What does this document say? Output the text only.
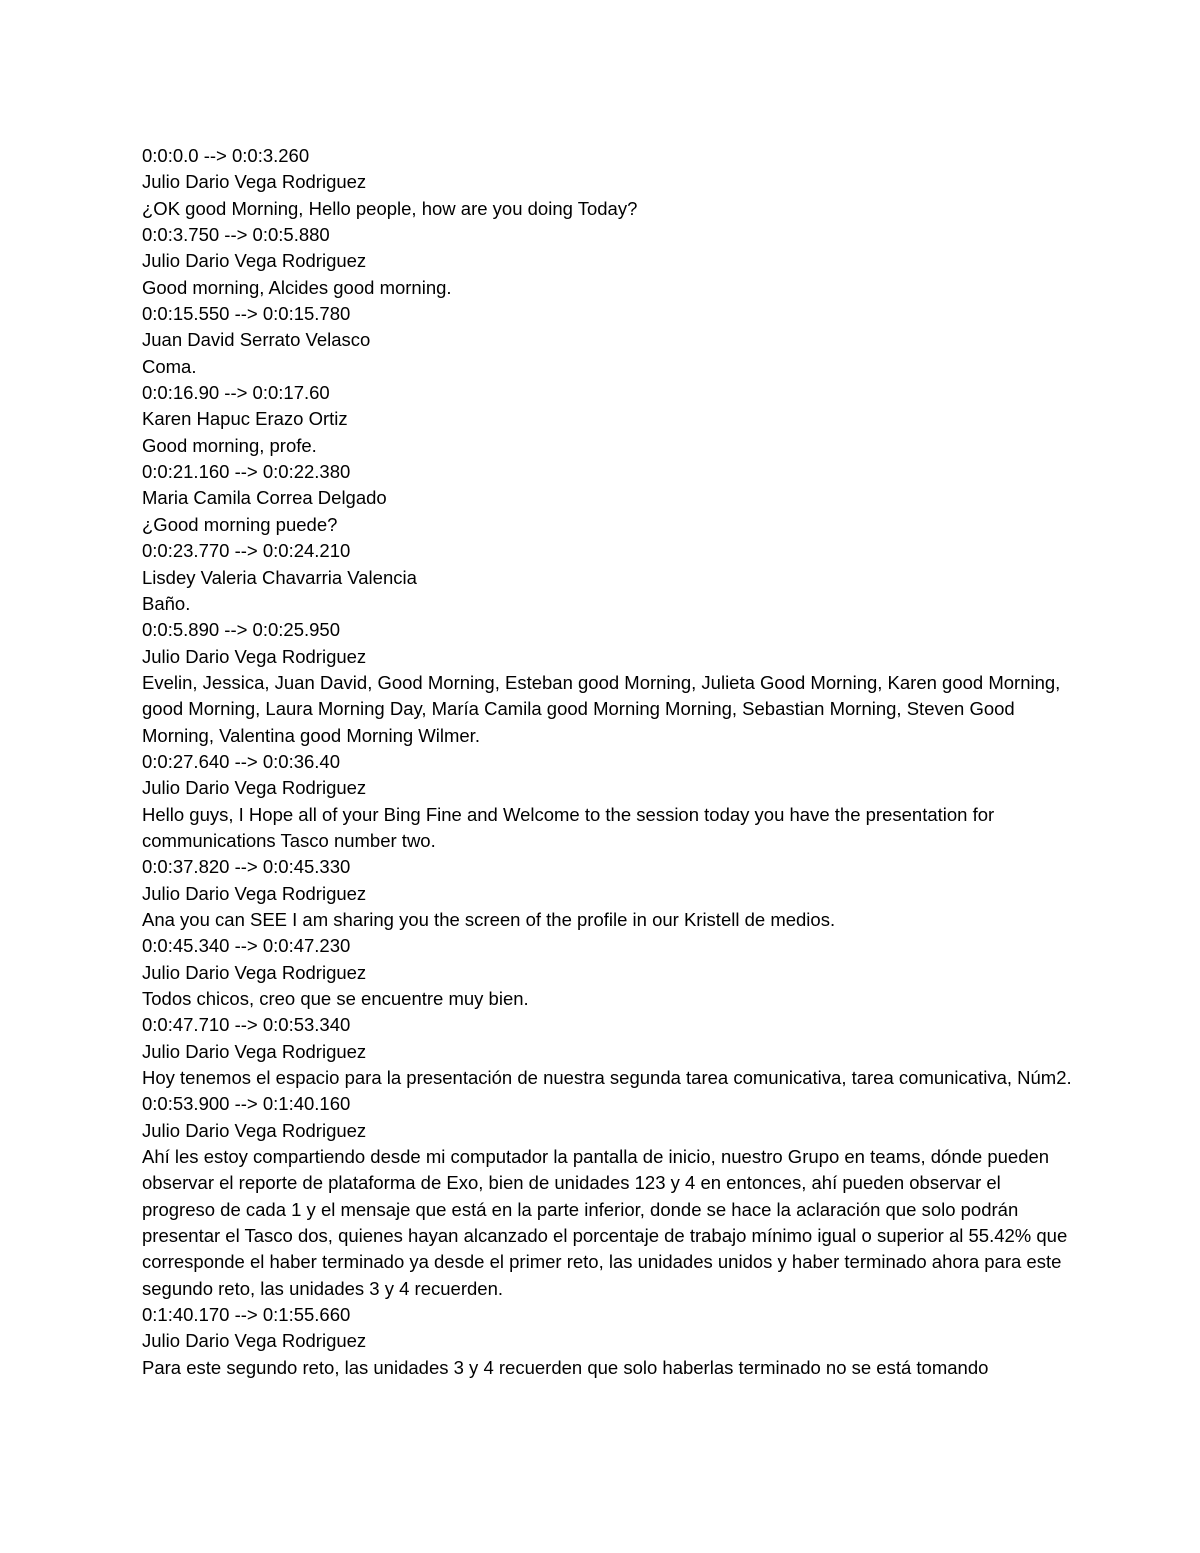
0:0:0.0 --> 0:0:3.260
Julio Dario Vega Rodriguez
¿OK good Morning, Hello people, how are you doing Today?
0:0:3.750 --> 0:0:5.880
Julio Dario Vega Rodriguez
Good morning, Alcides good morning.
0:0:15.550 --> 0:0:15.780
Juan David Serrato Velasco
Coma.
0:0:16.90 --> 0:0:17.60
Karen Hapuc Erazo Ortiz
Good morning, profe.
0:0:21.160 --> 0:0:22.380
Maria Camila Correa Delgado
¿Good morning puede?
0:0:23.770 --> 0:0:24.210
Lisdey Valeria Chavarria Valencia
Baño.
0:0:5.890 --> 0:0:25.950
Julio Dario Vega Rodriguez
Evelin, Jessica, Juan David, Good Morning, Esteban good Morning, Julieta Good Morning, Karen good Morning, good Morning, Laura Morning Day, María Camila good Morning Morning, Sebastian Morning, Steven Good Morning, Valentina good Morning Wilmer.
0:0:27.640 --> 0:0:36.40
Julio Dario Vega Rodriguez
Hello guys, I Hope all of your Bing Fine and Welcome to the session today you have the presentation for communications Tasco number two.
0:0:37.820 --> 0:0:45.330
Julio Dario Vega Rodriguez
Ana you can SEE I am sharing you the screen of the profile in our Kristell de medios.
0:0:45.340 --> 0:0:47.230
Julio Dario Vega Rodriguez
Todos chicos, creo que se encuentre muy bien.
0:0:47.710 --> 0:0:53.340
Julio Dario Vega Rodriguez
Hoy tenemos el espacio para la presentación de nuestra segunda tarea comunicativa, tarea comunicativa, Núm2.
0:0:53.900 --> 0:1:40.160
Julio Dario Vega Rodriguez
Ahí les estoy compartiendo desde mi computador la pantalla de inicio, nuestro Grupo en teams, dónde pueden observar el reporte de plataforma de Exo, bien de unidades 123 y 4 en entonces, ahí pueden observar el progreso de cada 1 y el mensaje que está en la parte inferior, donde se hace la aclaración que solo podrán presentar el Tasco dos, quienes hayan alcanzado el porcentaje de trabajo mínimo igual o superior al 55.42% que corresponde el haber terminado ya desde el primer reto, las unidades unidos y haber terminado ahora para este segundo reto, las unidades 3 y 4 recuerden.
0:1:40.170 --> 0:1:55.660
Julio Dario Vega Rodriguez
Para este segundo reto, las unidades 3 y 4 recuerden que solo haberlas terminado no se está tomando
